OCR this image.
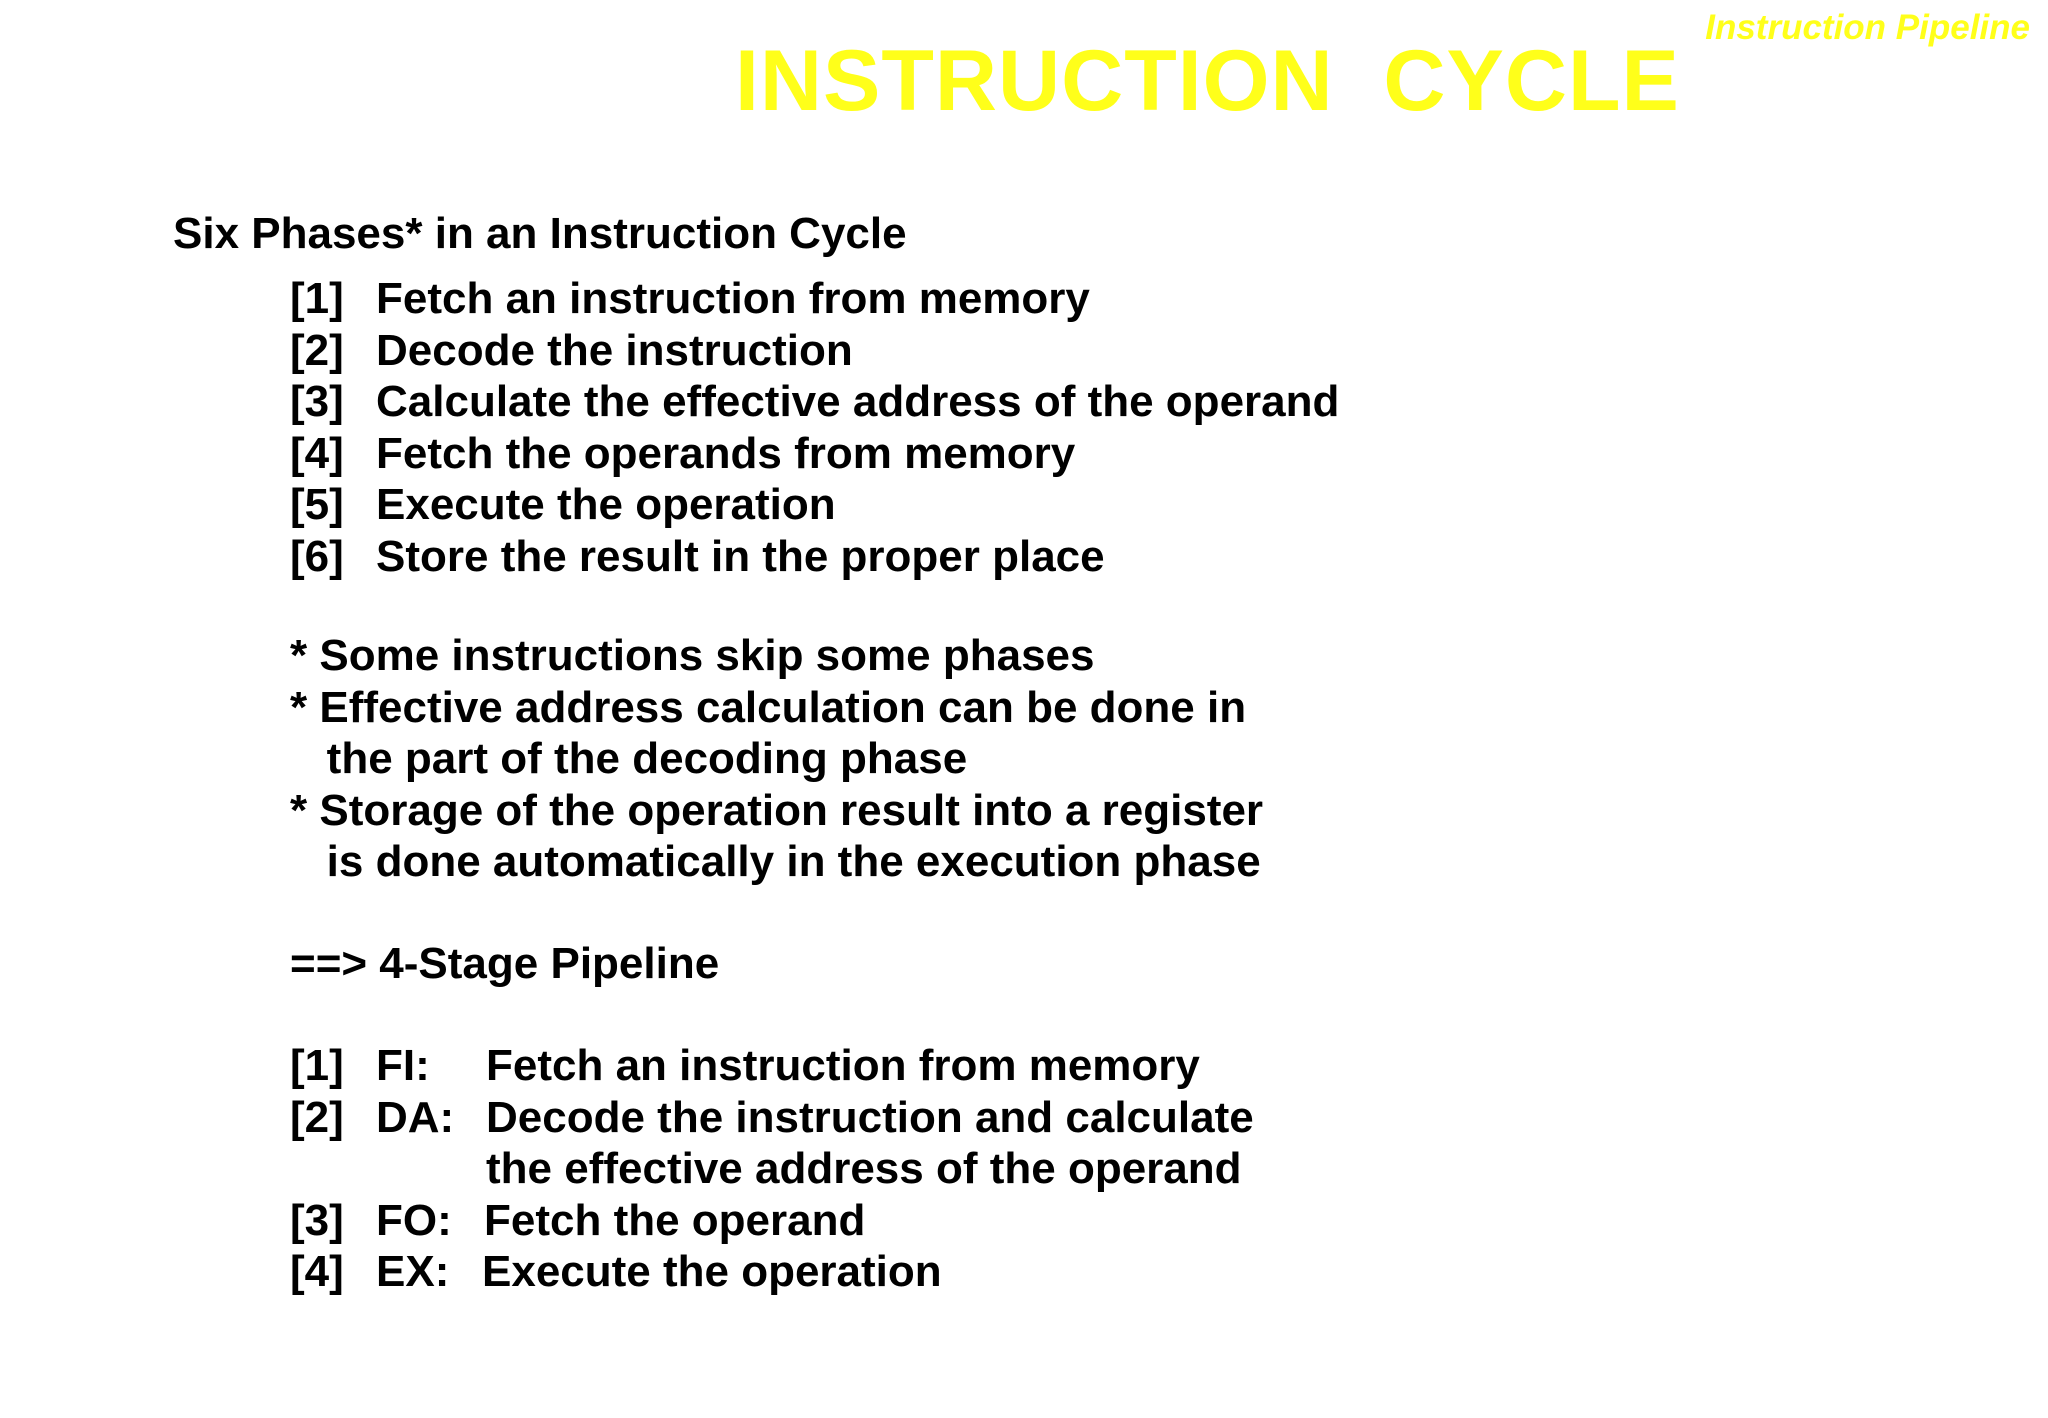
Instruction Pipeline
INSTRUCTION  CYCLE
Six Phases* in an Instruction Cycle
[1] Fetch an instruction from memory
[2] Decode the instruction
[3] Calculate the effective address of the operand
[4] Fetch the operands from memory
[5] Execute the operation
[6] Store the result in the proper place
* Some instructions skip some phases
* Effective address calculation can be done in
the part of the decoding phase
* Storage of the operation result into a register
is done automatically in the execution phase
==> 4-Stage Pipeline
[1] FI: Fetch an instruction from memory
[2] DA: Decode the instruction and calculate
the effective address of the operand
[3] FO: Fetch the operand
[4] EX: Execute the operation
